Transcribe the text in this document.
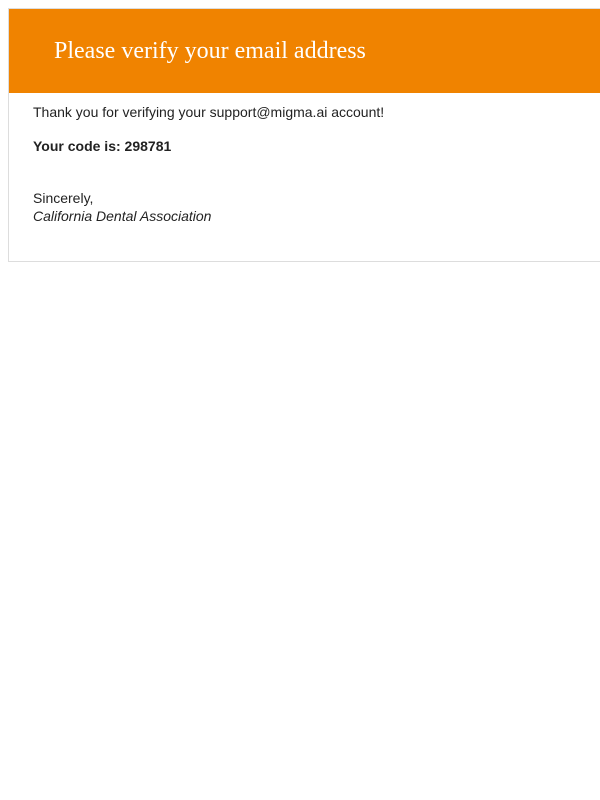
Please verify your email address

Thank you for verifying your support@migma.ai account!

Your code is: 298781

Sincerely,

California Dental Association
